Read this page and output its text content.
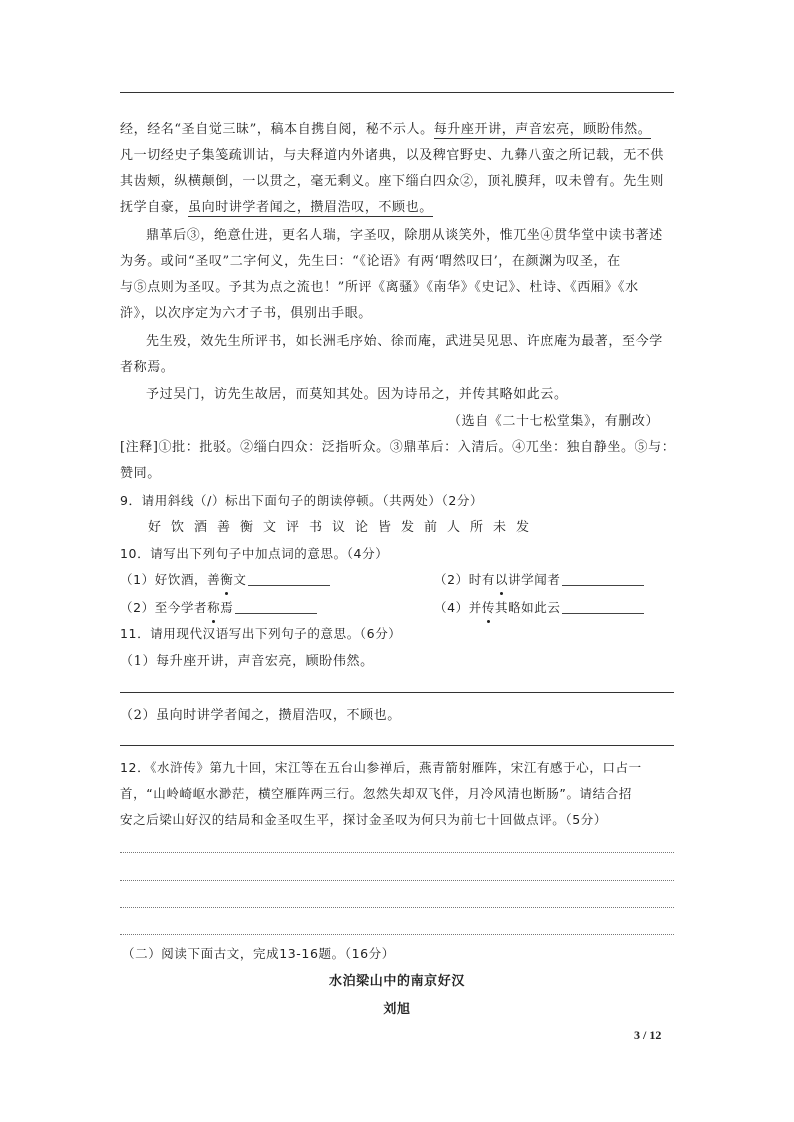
经，经名“圣自觉三昧”，稿本自携自阅，秘不示人。每升座开讲，声音宏亮，顾盼伟然。
凡一切经史子集笺疏训诂，与夫释道内外诸典，以及稗官野史、九彝八蛮之所记载，无不供
其齿颊，纵横颠倒，一以贯之，毫无剩义。座下缁白四众②，顶礼膜拜，叹未曾有。先生则
抚学自豪，虽向时讲学者闻之，攒眉浩叹，不顾也。
鼎革后③，绝意仕进，更名人瑞，字圣叹，除朋从谈笑外，惟兀坐④贯华堂中读书著述
为务。或问“圣叹”二字何义，先生曰：“《论语》有两‘喟然叹曰’，在颜渊为叹圣，在
与⑤点则为圣叹。予其为点之流也！”所评《离骚》《南华》《史记》、杜诗、《西厢》《水
浒》，以次序定为六才子书，俱别出手眼。
先生殁，效先生所评书，如长洲毛序始、徐而庵，武进吴见思、许庶庵为最著，至今学
者称焉。
予过吴门，访先生故居，而莫知其处。因为诗吊之，并传其略如此云。
（选自《二十七松堂集》，有删改）
[注释]①批：批驳。②缁白四众：泛指听众。③鼎革后：入清后。④兀坐：独自静坐。⑤与：
赞同。
9．请用斜线（/）标出下面句子的朗读停顿。（共两处）（2分）
好饮酒善衡文评书议论皆发前人所未发
10．请写出下列句子中加点词的意思。（4分）
（1）好饮酒，善衡文	（2）时有以讲学闻者
（2）至今学者称焉	（4）并传其略如此云
11．请用现代汉语写出下列句子的意思。（6分）
（1）每升座开讲，声音宏亮，顾盼伟然。
（2）虽向时讲学者闻之，攒眉浩叹，不顾也。
12．《水浒传》第九十回，宋江等在五台山参禅后，燕青箭射雁阵，宋江有感于心，口占一
首，“山岭崎岖水渺茫，横空雁阵两三行。忽然失却双飞伴，月冷风清也断肠”。请结合招
安之后梁山好汉的结局和金圣叹生平，探讨金圣叹为何只为前七十回做点评。（5分）
（二）阅读下面古文，完成13-16题。（16分）
水泊梁山中的南京好汉
刘旭
3 / 12
